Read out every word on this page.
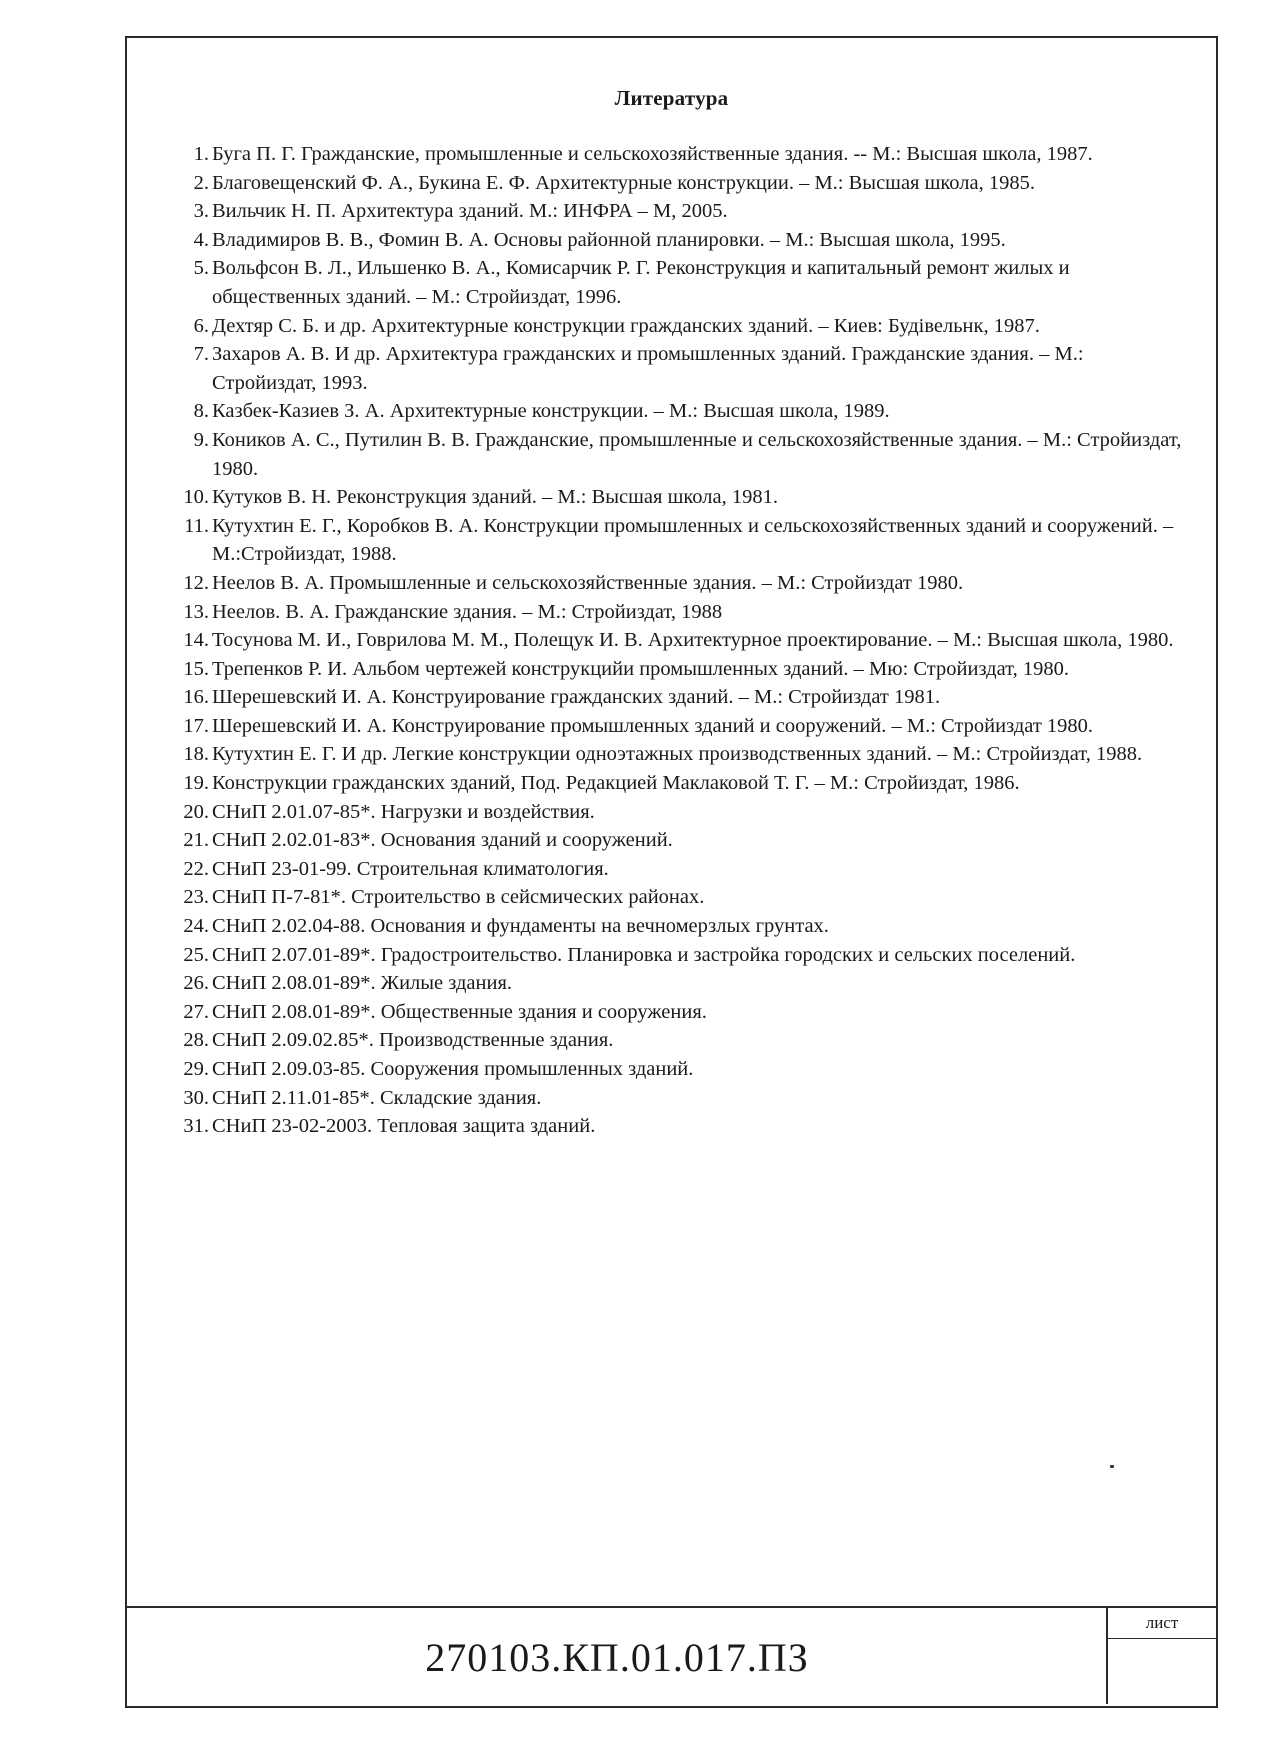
Литература
1. Буга П. Г. Гражданские, промышленные и сельскохозяйственные здания. -- М.: Высшая школа, 1987.
2. Благовещенский Ф. А., Букина Е. Ф. Архитектурные конструкции. – М.: Высшая школа, 1985.
3. Вильчик Н. П. Архитектура зданий. М.: ИНФРА – М, 2005.
4. Владимиров В. В., Фомин В. А. Основы районной планировки. – М.: Высшая школа, 1995.
5. Вольфсон В. Л., Ильшенко В. А., Комисарчик Р. Г. Реконструкция и капитальный ремонт жилых и общественных зданий. – М.: Стройиздат, 1996.
6. Дехтяр С. Б. и др. Архитектурные конструкции гражданских зданий. – Киев: Будівельнк, 1987.
7. Захаров А. В. И др. Архитектура гражданских и промышленных зданий. Гражданские здания. – М.: Стройиздат, 1993.
8. Казбек-Казиев З. А. Архитектурные конструкции. – М.: Высшая школа, 1989.
9. Коников А. С., Путилин В. В. Гражданские, промышленные и сельскохозяйственные здания. – М.: Стройиздат, 1980.
10. Кутуков В. Н. Реконструкция зданий. – М.: Высшая школа, 1981.
11. Кутухтин Е. Г., Коробков В. А. Конструкции промышленных и сельскохозяйственных зданий и сооружений. – М.:Стройиздат, 1988.
12. Неелов В. А. Промышленные и сельскохозяйственные здания. – М.: Стройиздат 1980.
13. Неелов. В. А. Гражданские здания. – М.: Стройиздат, 1988
14. Тосунова М. И., Говрилова М. М., Полещук И. В. Архитектурное проектирование. – М.: Высшая школа, 1980.
15. Трепенков Р. И. Альбом чертежей конструкцийи промышленных зданий. – Мю: Стройиздат, 1980.
16. Шерешевский И. А. Конструирование гражданских зданий. – М.: Стройиздат 1981.
17. Шерешевский И. А. Конструирование промышленных зданий и сооружений. – М.: Стройиздат 1980.
18. Кутухтин Е. Г. И др. Легкие конструкции одноэтажных производственных зданий. – М.: Стройиздат, 1988.
19. Конструкции гражданских зданий, Под. Редакцией Маклаковой Т. Г. – М.: Стройиздат, 1986.
20. СНиП 2.01.07-85*. Нагрузки и воздействия.
21. СНиП 2.02.01-83*. Основания зданий и сооружений.
22. СНиП 23-01-99. Строительная климатология.
23. СНиП П-7-81*. Строительство в сейсмических районах.
24. СНиП 2.02.04-88. Основания и фундаменты на вечномерзлых грунтах.
25. СНиП 2.07.01-89*. Градостроительство. Планировка и застройка городских и сельских поселений.
26. СНиП 2.08.01-89*. Жилые здания.
27. СНиП 2.08.01-89*. Общественные здания и сооружения.
28. СНиП 2.09.02.85*. Производственные здания.
29. СНиП 2.09.03-85. Сооружения промышленных зданий.
30. СНиП 2.11.01-85*. Складские здания.
31. СНиП 23-02-2003. Тепловая защита зданий.
270103.КП.01.017.ПЗ
лист
